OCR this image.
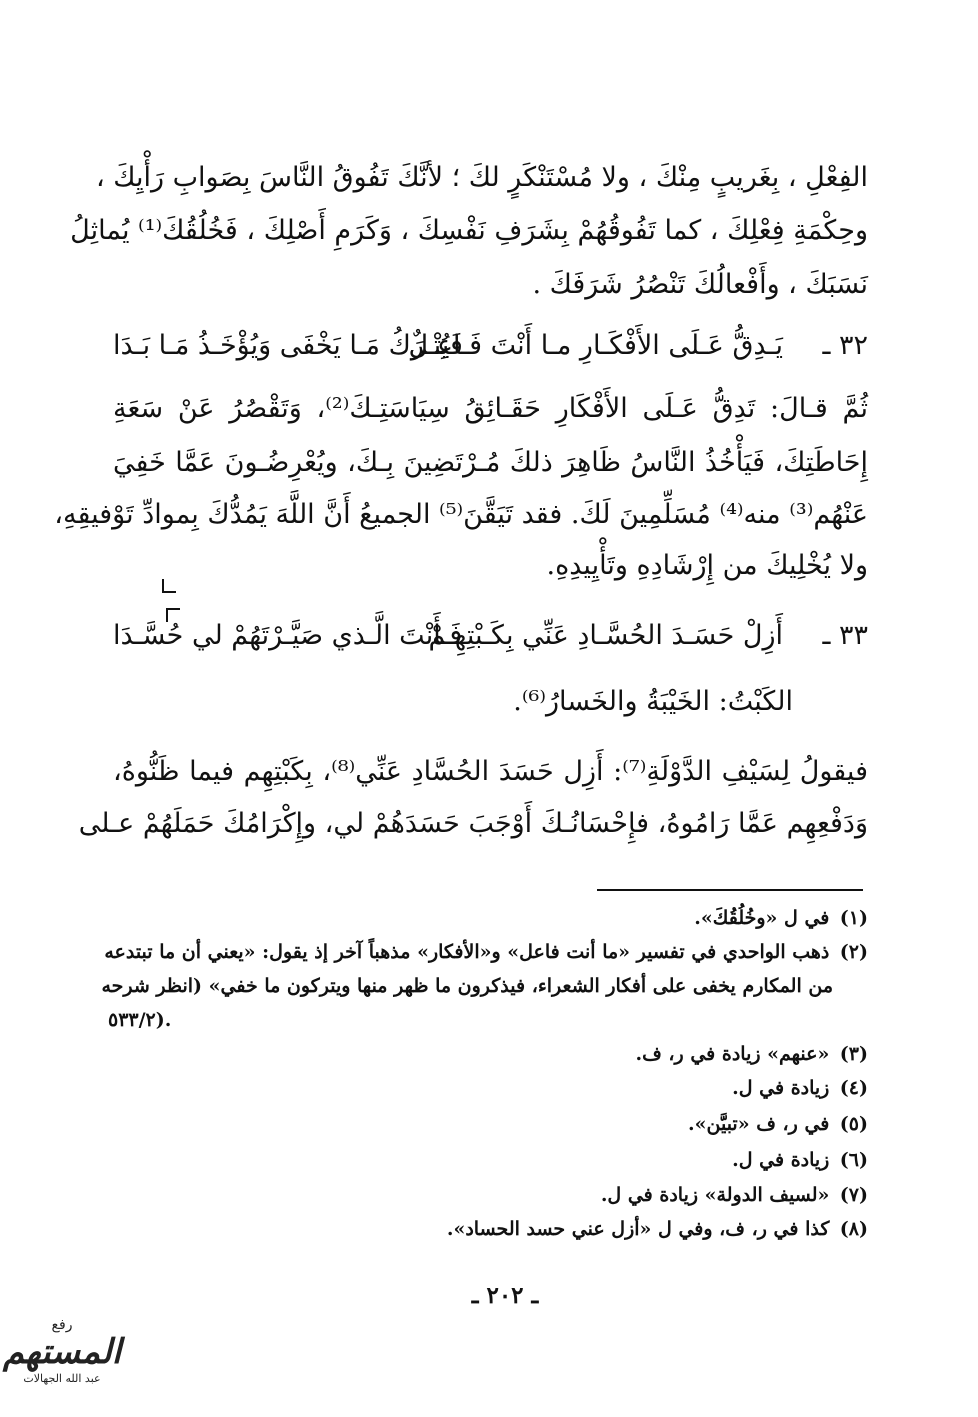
الفِعْلِ ، بِغَريبٍ مِنْكَ ، ولا مُسْتَنْكَرٍ لكَ ؛ لأنَّكَ تَفُوقُ النَّاسَ بِصَوابِ رَأْيِكَ ،
وحِكْمَةِ فِعْلِكَ ، كما تَفُوقُهُمْ بِشَرَفِ نَفْسِكَ ، وَكَرَمِ أَصْلِكَ ، فَخُلُقُكَ⁽¹⁾ يُماثِلُ
نَسَبَكَ ، وأَفْعالُكَ تَنْصُرُ شَرَفَكَ .
٣٢ ـ
يَـدِقُّ عَـلَى الأَفْكَـارِ مـا أَنْتَ فَـاعِـلٌ
فَيُتْـرَكُ مَـا يَخْفَى وَيُؤْخَـذُ مَـا بَـدَا
ثُمَّ قـالَ: تَدِقُّ عَـلَى الأَفْكَارِ حَقَـائِقُ سِيَاسَتِـكَ⁽²⁾، وَتَقْصُرُ عَنْ سَعَةِ
إِحَاطَتِكَ، فَيَأْخُذُ النَّاسُ ظَاهِرَ ذلكَ مُـرْتَضِينَ بِـكَ، ويُعْرِضُـونَ عَمَّا خَفِيَ
عَنْهُم⁽³⁾ منه⁽⁴⁾ مُسَلِّمِينَ لَكَ. فقد تَيَقَّنَ⁽⁵⁾ الجميعُ أَنَّ اللَّهَ يَمُدُّكَ بِموادِّ تَوْفيقِهِ،
ولا يُخْلِيكَ من إِرْشَادِهِ وتَأْيِيدِهِ.
٣٣ ـ
أَزِلْ حَسَـدَ الحُسَّـادِ عَنِّي بِكَـبْتِهِـمْ
فَـأَنْتَ الَّـذي صَيَّـرْتَهُمْ لي حُسَّـدَا
الكَبْتُ: الخَيْبَةُ والخَسارُ⁽⁶⁾.
فيقولُ لِسَيْفِ الدَّوْلَةِ⁽⁷⁾: أَزِل حَسَدَ الحُسَّادِ عَنِّي⁽⁸⁾، بِكَبْتِهِم فيما ظَنُّوهُ،
وَدَفْعِهِم عَمَّا رَامُوهُ، فإِحْسَانُـكَ أَوْجَبَ حَسَدَهُمْ لي، وإِكْرَامُكَ حَمَلَهُمْ عـلى
(١) في ل «وخُلُقُكَ».
(٢) ذهب الواحدي في تفسير «ما أنت فاعل» و«الأفكار» مذهباً آخر إذ يقول: «يعني أن ما تبتدعه
من المكارم يخفى على أفكار الشعراء، فيذكرون ما ظهر منها ويتركون ما خفي» (انظر شرحه
٥٣٣/٢).
(٣) «عنهم» زيادة في ر، ف.
(٤) زيادة في ل.
(٥) في ر، ف «تبيَّن».
(٦) زيادة في ل.
(٧) «لسيف الدولة» زيادة في ل.
(٨) كذا في ر، ف، وفي ل «أزل عني حسد الحساد».
ـ ٢٠٢ ـ
رفع
المستهم
عبد الله الجهالات
